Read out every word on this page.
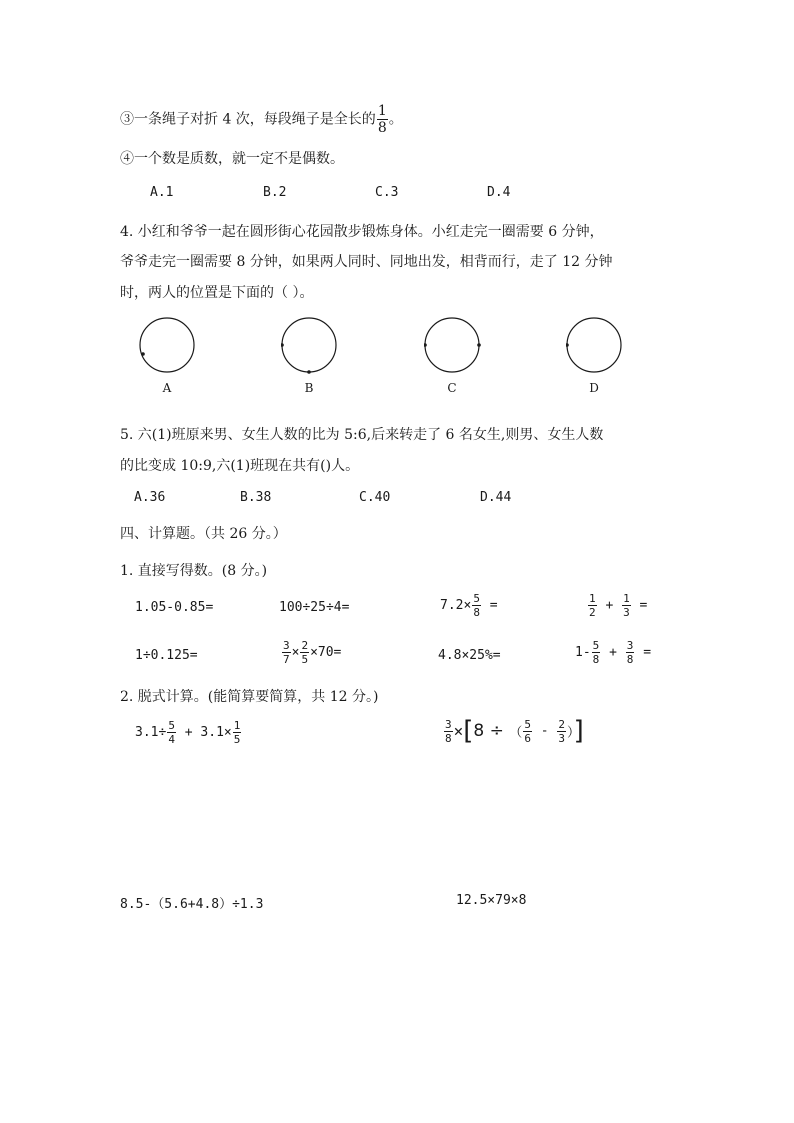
③一条绳子对折 4 次，每段绳子是全长的 $\frac{1}{8}$ 。
④一个数是质数，就一定不是偶数。
A.1	B.2	C.3	D.4
4. 小红和爷爷一起在圆形街心花园散步锻炼身体。小红走完一圈需要 6 分钟，
爷爷走完一圈需要 8 分钟，如果两人同时、同地出发，相背而行，走了 12 分钟
时，两人的位置是下面的（ ）。
A	B	C	D
5. 六(1)班原来男、女生人数的比为 5:6,后来转走了 6 名女生,则男、女生人数
的比变成 10:9,六(1)班现在共有()人。
A.36	B.38	C.40	D.44
四、计算题。（共 26 分。）
1. 直接写得数。(8 分。)
1.05-0.85=	100÷25÷4=	$7.2\times \frac{5}{8}$ =	$\frac{1}{2} + \frac{1}{3}$ =
1÷0.125=	$\frac{3}{7} \times \frac{2}{5} \times 70=$	4.8×25%=	$1- \frac{5}{8} + \frac{3}{8}$ =
2. 脱式计算。(能简算要简算，共 12 分。)
$3.1\div \frac{5}{4} + 3.1\times \frac{1}{5}$	$\frac{3}{8} \times[8$ ÷ （ $\frac{5}{6} - \frac{2}{3}$ ）]
8.5-（5.6+4.8）÷1.3	12.5×79×8
